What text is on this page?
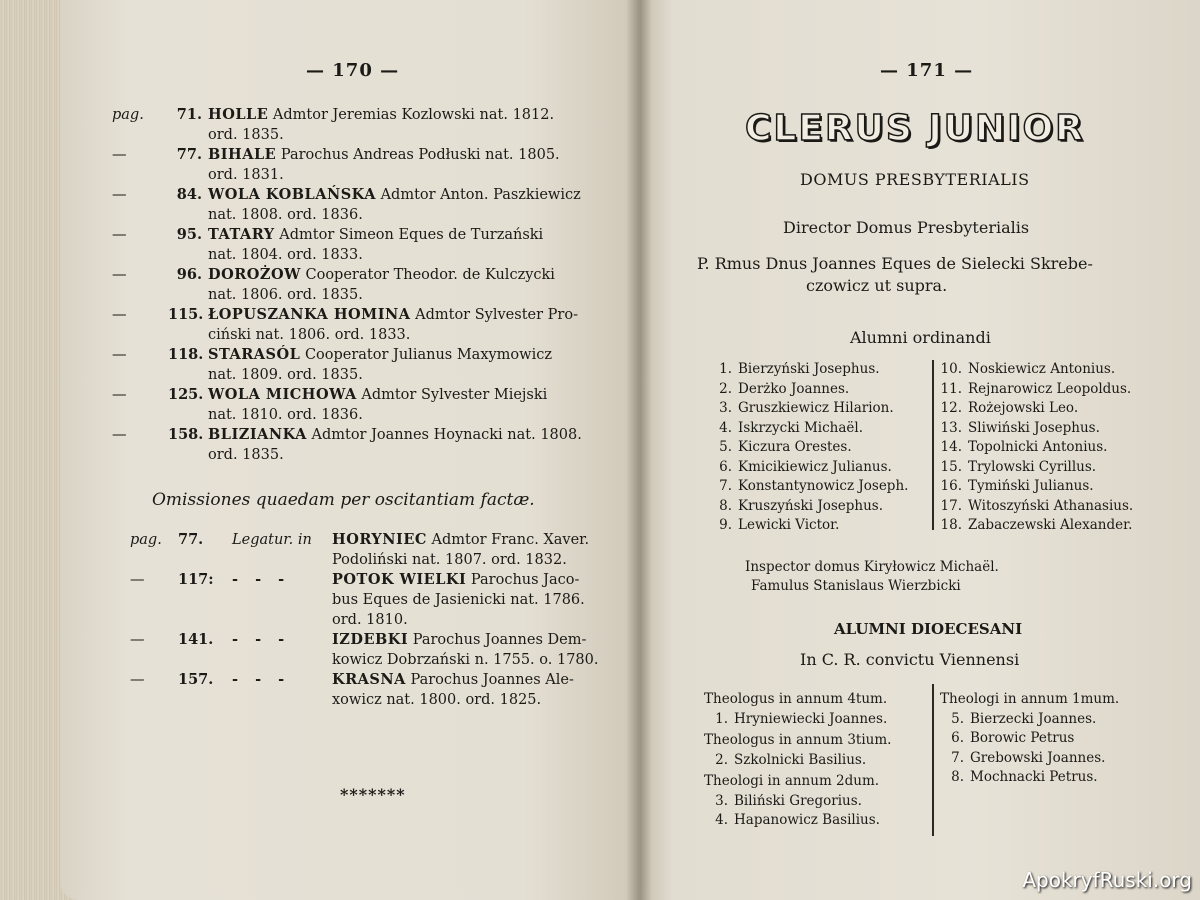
— 170 —
pag. 71. HOLLE Admtor Jeremias Kozlowski nat. 1812.
ord. 1835.
—	77. BIHALE Parochus Andreas Podłuski nat. 1805.
ord. 1831.
—	84. WOLA KOBLAŃSKA Admtor Anton. Paszkiewicz
nat. 1808. ord. 1836.
—	95. TATARY Admtor Simeon Eques de Turzański
nat. 1804. ord. 1833.
—	96. DOROŻOW Cooperator Theodor. de Kulczycki
nat. 1806. ord. 1835.
—	115. ŁOPUSZANKA HOMINA Admtor Sylvester Pro-
ciński nat. 1806. ord. 1833.
—	118. STARASÓL Cooperator Julianus Maxymowicz
nat. 1809. ord. 1835.
—	125. WOLA MICHOWA Admtor Sylvester Miejski
nat. 1810. ord. 1836.
—	158. BLIZIANKA Admtor Joannes Hoynacki nat. 1808.
ord. 1835.
Omissiones quaedam per oscitantiam factæ.
pag. 77. Legatur. in HORYNIEC Admtor Franc. Xaver.
Podoliński nat. 1807. ord. 1832.
— 117: - - -	POTOK WIELKI Parochus Jaco-
bus Eques de Jasienicki nat. 1786.
ord. 1810.
— 141. - - -	IZDEBKI Parochus Joannes Dem-
kowicz Dobrzański n. 1755. o. 1780.
— 157. - - -	KRASNA Parochus Joannes Ale-
xowicz nat. 1800. ord. 1825.
*******
— 171 —
CLERUS JUNIOR
DOMUS PRESBYTERIALIS
Director Domus Presbyterialis
P. Rmus Dnus Joannes Eques de Sielecki Skrebe-
czowicz ut supra.
Alumni ordinandi
1. Bierzyński Josephus.
2. Derżko Joannes.
3. Gruszkiewicz Hilarion.
4. Iskrzycki Michaël.
5. Kiczura Orestes.
6. Kmicikiewicz Julianus.
7. Konstantynowicz Joseph.
8. Kruszyński Josephus.
9. Lewicki Victor.
10. Noskiewicz Antonius.
11. Rejnarowicz Leopoldus.
12. Rożejowski Leo.
13. Sliwiński Josephus.
14. Topolnicki Antonius.
15. Trylowski Cyrillus.
16. Tymiński Julianus.
17. Witoszyński Athanasius.
18. Zabaczewski Alexander.
Inspector domus Kiryłowicz Michaël.
Famulus Stanislaus Wierzbicki
ALUMNI DIOECESANI
In C. R. convictu Viennensi
Theologus in annum 4tum.
1. Hryniewiecki Joannes.
Theologus in annum 3tium.
2. Szkolnicki Basilius.
Theologi in annum 2dum.
3. Biliński Gregorius.
4. Hapanowicz Basilius.
Theologi in annum 1mum.
5. Bierzecki Joannes.
6. Borowic Petrus
7. Grebowski Joannes.
8. Mochnacki Petrus.
ApokryfRuski.org
